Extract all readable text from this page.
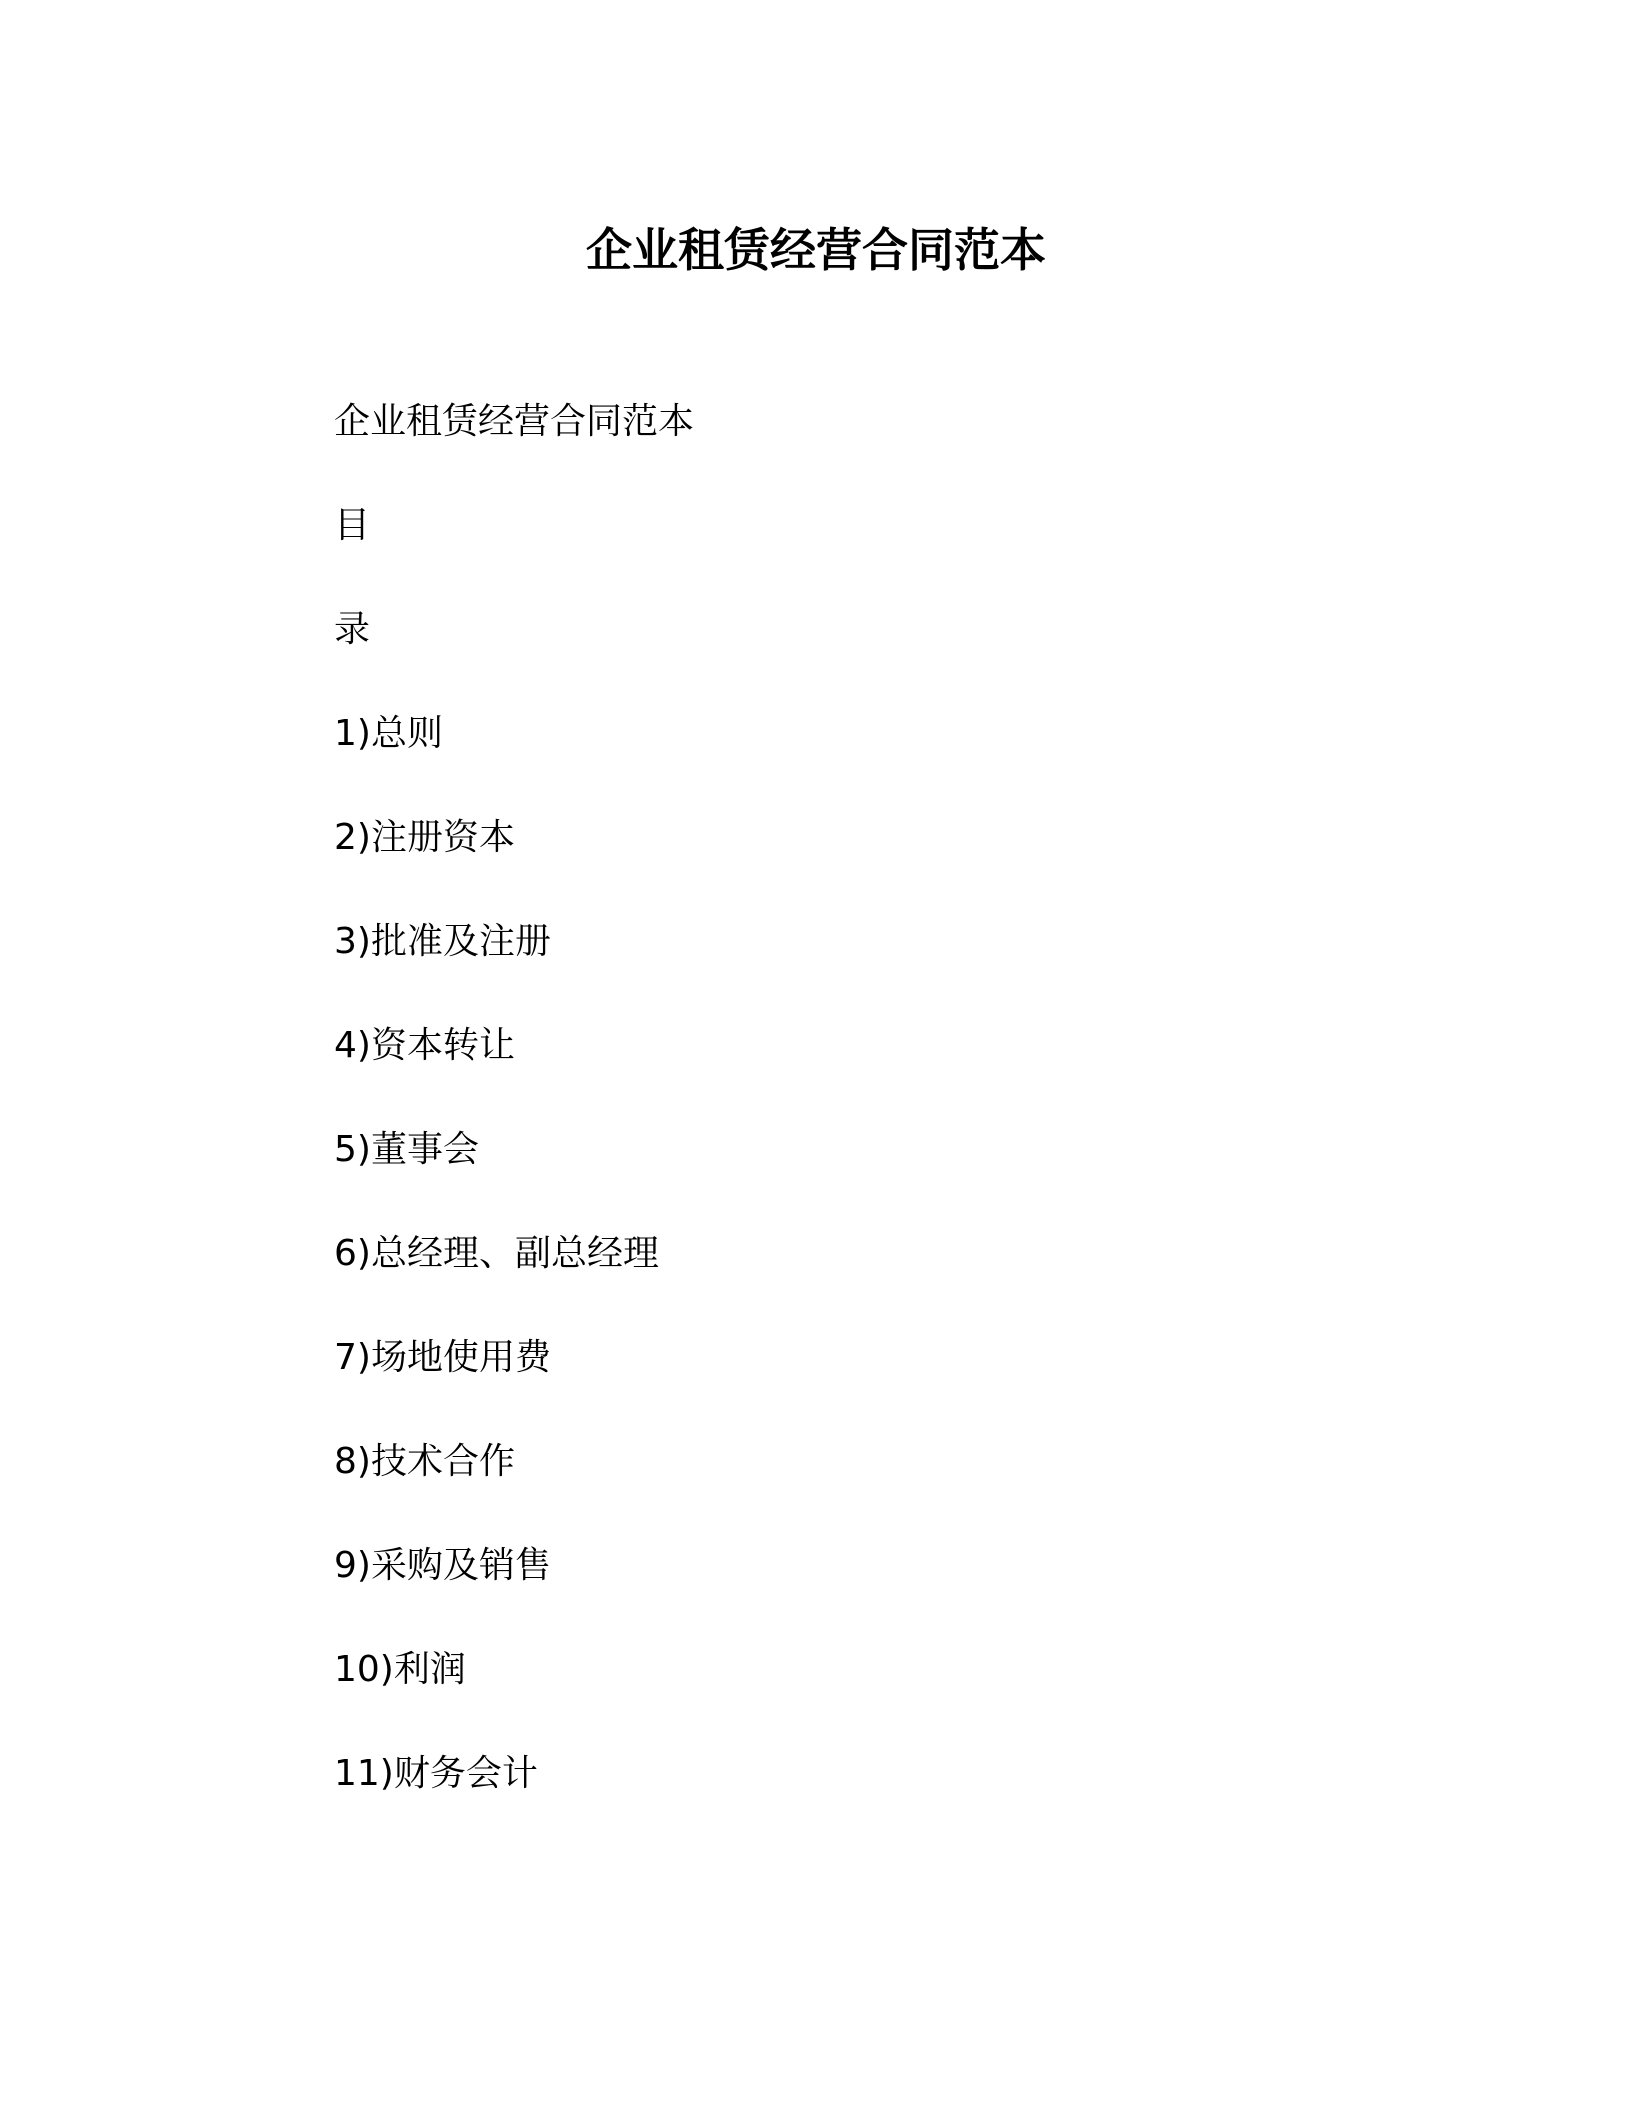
企业租赁经营合同范本
企业租赁经营合同范本
目
录
1)总则
2)注册资本
3)批准及注册
4)资本转让
5)董事会
6)总经理、副总经理
7)场地使用费
8)技术合作
9)采购及销售
10)利润
11)财务会计
